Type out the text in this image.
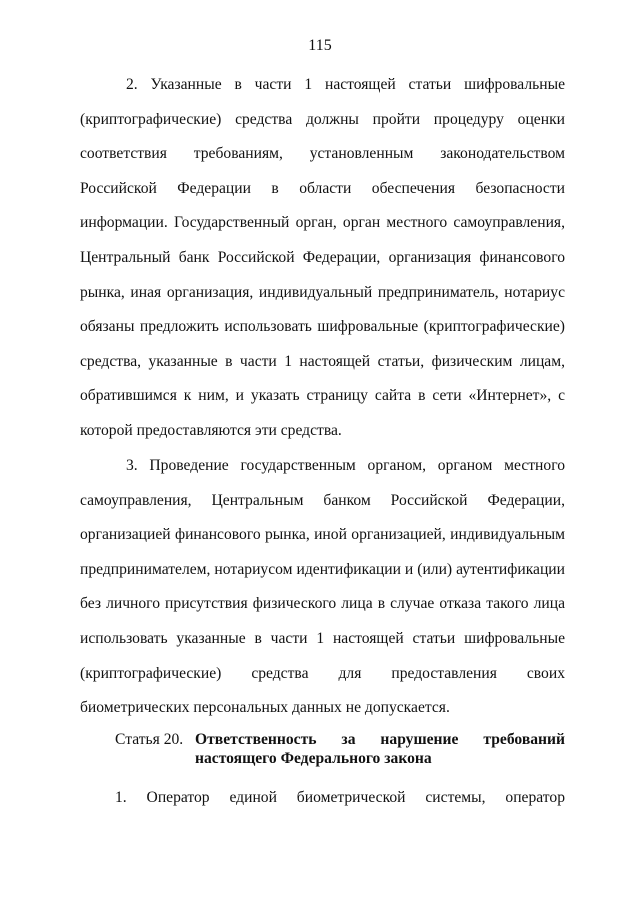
115

2. Указанные в части 1 настоящей статьи шифровальные (криптографические) средства должны пройти процедуру оценки соответствия требованиям, установленным законодательством Российской Федерации в области обеспечения безопасности информации. Государственный орган, орган местного самоуправления, Центральный банк Российской Федерации, организация финансового рынка, иная организация, индивидуальный предприниматель, нотариус обязаны предложить использовать шифровальные (криптографические) средства, указанные в части 1 настоящей статьи, физическим лицам, обратившимся к ним, и указать страницу сайта в сети «Интернет», с которой предоставляются эти средства.

3. Проведение государственным органом, органом местного самоуправления, Центральным банком Российской Федерации, организацией финансового рынка, иной организацией, индивидуальным предпринимателем, нотариусом идентификации и (или) аутентификации без личного присутствия физического лица в случае отказа такого лица использовать указанные в части 1 настоящей статьи шифровальные (криптографические) средства для предоставления своих биометрических персональных данных не допускается.

Статья 20. Ответственность за нарушение требований
настоящего Федерального закона
1. Оператор единой биометрической системы, оператор
